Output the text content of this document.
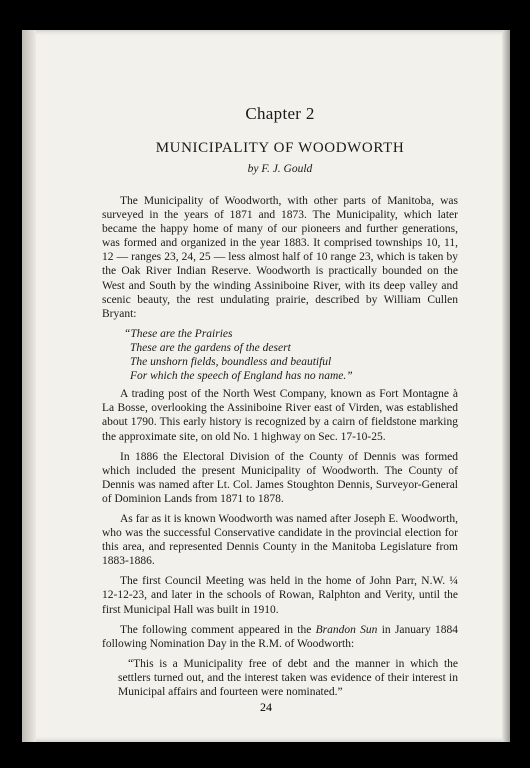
Chapter 2
MUNICIPALITY OF WOODWORTH
by F. J. Gould

The Municipality of Woodworth, with other parts of Manitoba, was surveyed in the years of 1871 and 1873. The Municipality, which later became the happy home of many of our pioneers and further generations, was formed and organized in the year 1883. It comprised townships 10, 11, 12 — ranges 23, 24, 25 — less almost half of 10 range 23, which is taken by the Oak River Indian Reserve. Woodworth is practically bounded on the West and South by the winding Assiniboine River, with its deep valley and scenic beauty, the rest undulating prairie, described by William Cullen Bryant:

“These are the Prairies
These are the gardens of the desert
The unshorn fields, boundless and beautiful
For which the speech of England has no name.”

A trading post of the North West Company, known as Fort Montagne à La Bosse, overlooking the Assiniboine River east of Virden, was established about 1790. This early history is recognized by a cairn of fieldstone marking the approximate site, on old No. 1 highway on Sec. 17-10-25.

In 1886 the Electoral Division of the County of Dennis was formed which included the present Municipality of Woodworth. The County of Dennis was named after Lt. Col. James Stoughton Dennis, Surveyor-General of Dominion Lands from 1871 to 1878.

As far as it is known Woodworth was named after Joseph E. Woodworth, who was the successful Conservative candidate in the provincial election for this area, and represented Dennis County in the Manitoba Legislature from 1883-1886.

The first Council Meeting was held in the home of John Parr, N.W. ¼ 12-12-23, and later in the schools of Rowan, Ralphton and Verity, until the first Municipal Hall was built in 1910.

The following comment appeared in the Brandon Sun in January 1884 following Nomination Day in the R.M. of Woodworth:

“This is a Municipality free of debt and the manner in which the settlers turned out, and the interest taken was evidence of their interest in Municipal affairs and fourteen were nominated.”
24
